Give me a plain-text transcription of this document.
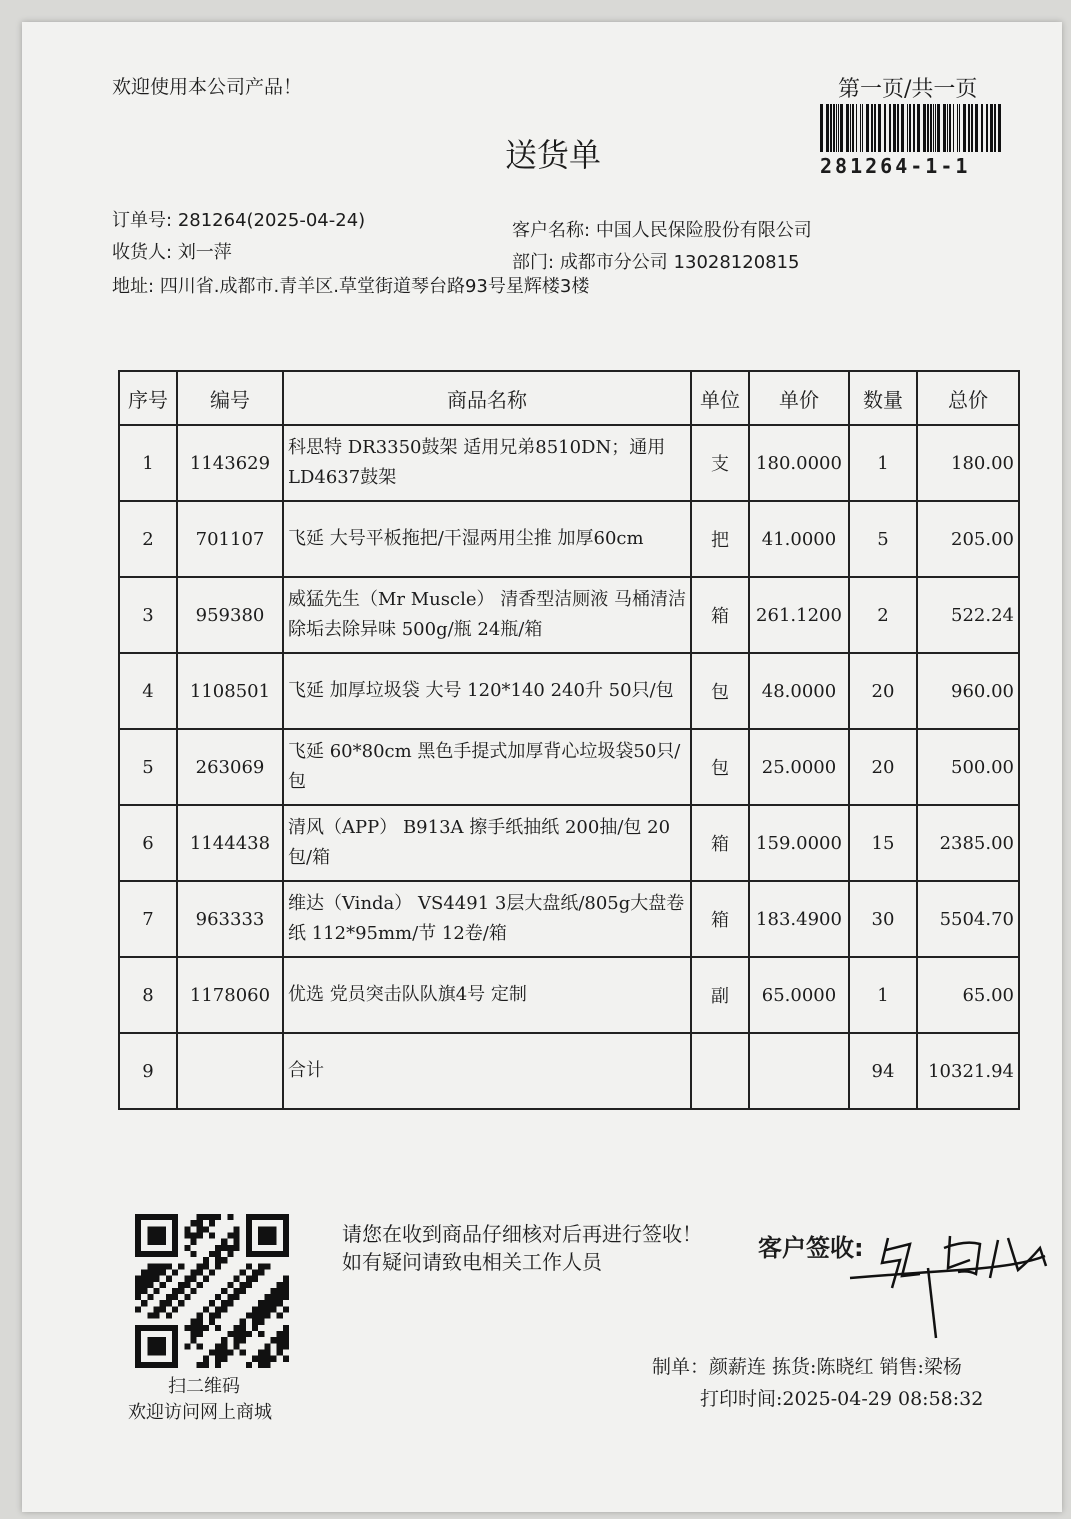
欢迎使用本公司产品！	第一页/共一页
281264-1-1
送货单
订单号: 281264(2025-04-24)
收货人: 刘一萍
地址: 四川省.成都市.青羊区.草堂街道琴台路93号星辉楼3楼
客户名称: 中国人民保险股份有限公司
部门: 成都市分公司 13028120815
序号	编号	商品名称	单位	单价	数量	总价
1	1143629	科思特 DR3350鼓架 适用兄弟8510DN；通用LD4637鼓架	支	180.0000	1	180.00
2	701107	飞延 大号平板拖把/干湿两用尘推 加厚60cm	把	41.0000	5	205.00
3	959380	威猛先生（Mr Muscle） 清香型洁厕液 马桶清洁除垢去除异味 500g/瓶 24瓶/箱	箱	261.1200	2	522.24
4	1108501	飞延 加厚垃圾袋 大号 120*140 240升 50只/包	包	48.0000	20	960.00
5	263069	飞延 60*80cm 黑色手提式加厚背心垃圾袋50只/包	包	25.0000	20	500.00
6	1144438	清风（APP） B913A 擦手纸抽纸 200抽/包 20包/箱	箱	159.0000	15	2385.00
7	963333	维达（Vinda） VS4491 3层大盘纸/805g大盘卷纸 112*95mm/节 12卷/箱	箱	183.4900	30	5504.70
8	1178060	优选 党员突击队队旗4号 定制	副	65.0000	1	65.00
9		合计			94	10321.94
扫二维码
欢迎访问网上商城
请您在收到商品仔细核对后再进行签收！如有疑问请致电相关工作人员	客户签收:
制单：颜薪连 拣货:陈晓红 销售:梁杨
打印时间:2025-04-29 08:58:32
